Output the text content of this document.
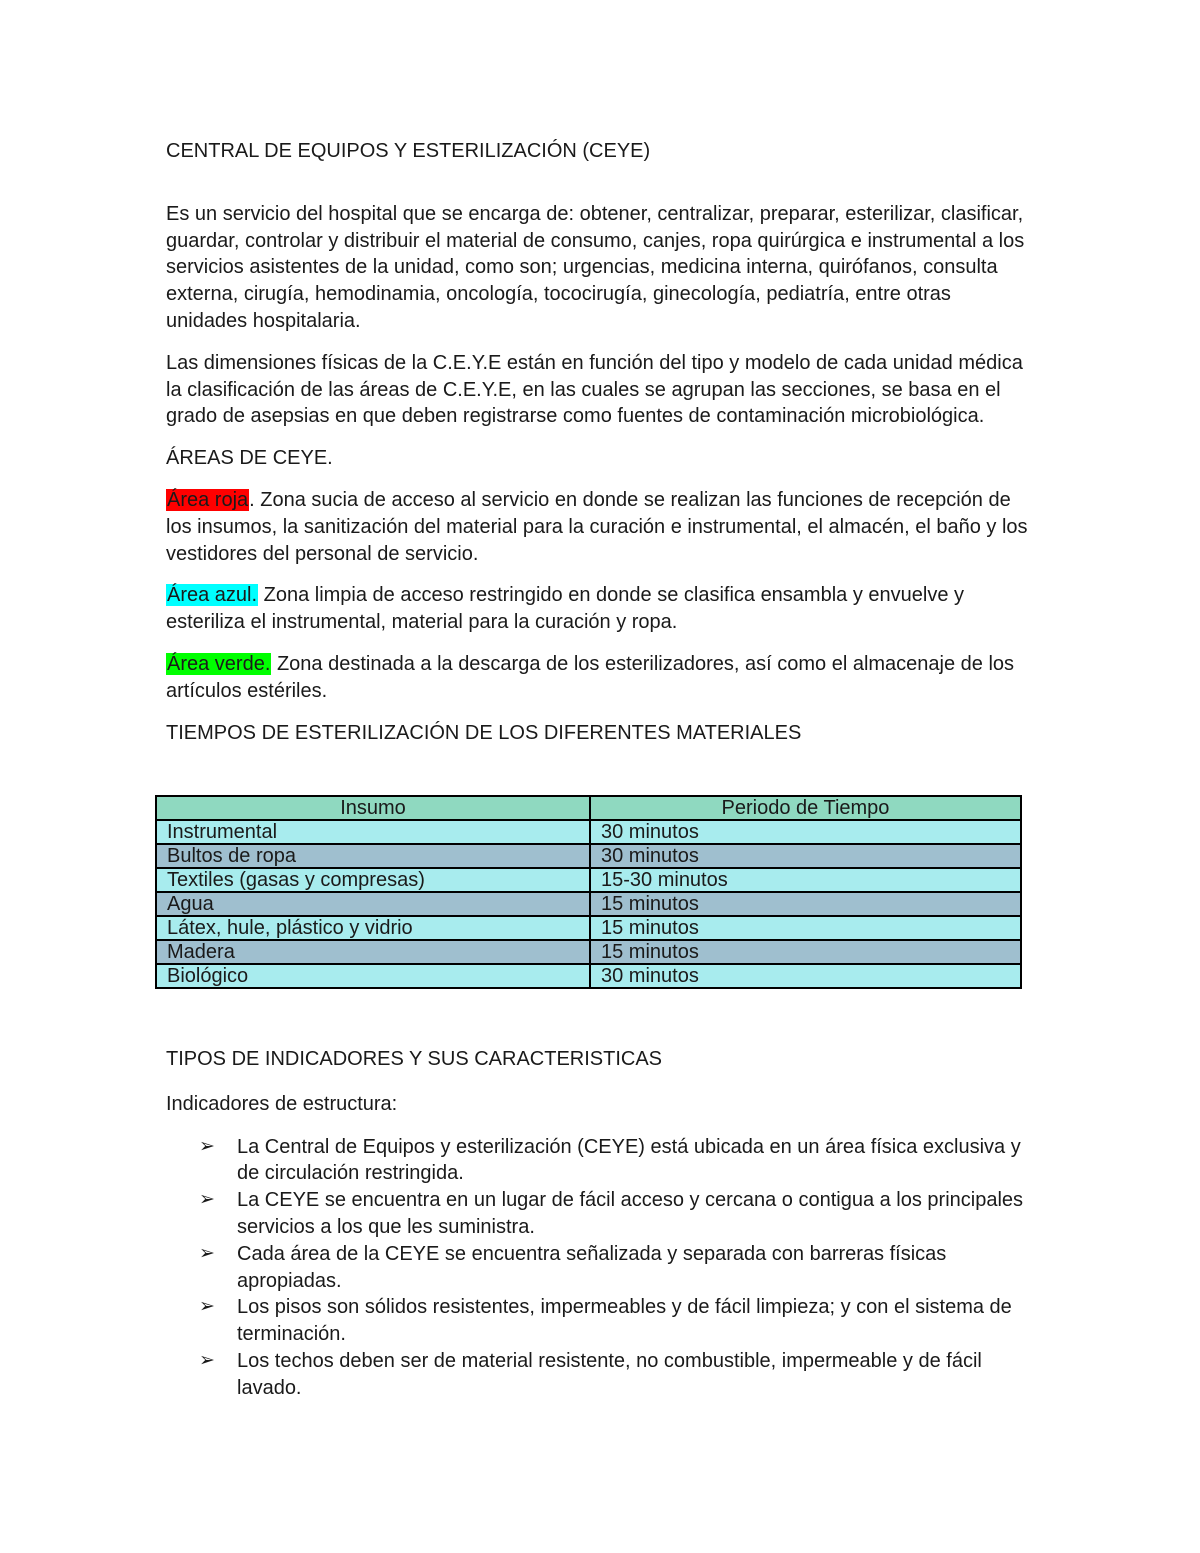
CENTRAL DE EQUIPOS Y ESTERILIZACIÓN (CEYE)

Es un servicio del hospital que se encarga de: obtener, centralizar, preparar, esterilizar, clasificar, guardar, controlar y distribuir el material de consumo, canjes, ropa quirúrgica e instrumental a los servicios asistentes de la unidad, como son; urgencias, medicina interna, quirófanos, consulta externa, cirugía, hemodinamia, oncología, tococirugía, ginecología, pediatría, entre otras unidades hospitalaria.

Las dimensiones físicas de la C.E.Y.E están en función del tipo y modelo de cada unidad médica la clasificación de las áreas de C.E.Y.E, en las cuales se agrupan las secciones, se basa en el grado de asepsias en que deben registrarse como fuentes de contaminación microbiológica.

ÁREAS DE CEYE.

Área roja. Zona sucia de acceso al servicio en donde se realizan las funciones de recepción de los insumos, la sanitización del material para la curación e instrumental, el almacén, el baño y los vestidores del personal de servicio.

Área azul. Zona limpia de acceso restringido en donde se clasifica ensambla y envuelve y esteriliza el instrumental, material para la curación y ropa.

Área verde. Zona destinada a la descarga de los esterilizadores, así como el almacenaje de los artículos estériles.

TIEMPOS DE ESTERILIZACIÓN DE LOS DIFERENTES MATERIALES

Insumo	Periodo de Tiempo
Instrumental	30 minutos
Bultos de ropa	30 minutos
Textiles (gasas y compresas)	15-30 minutos
Agua	15 minutos
Látex, hule, plástico y vidrio	15 minutos
Madera	15 minutos
Biológico	30 minutos

TIPOS DE INDICADORES Y SUS CARACTERISTICAS

Indicadores de estructura:

➢ La Central de Equipos y esterilización (CEYE) está ubicada en un área física exclusiva y de circulación restringida.
➢ La CEYE se encuentra en un lugar de fácil acceso y cercana o contigua a los principales servicios a los que les suministra.
➢ Cada área de la CEYE se encuentra señalizada y separada con barreras físicas apropiadas.
➢ Los pisos son sólidos resistentes, impermeables y de fácil limpieza; y con el sistema de terminación.
➢ Los techos deben ser de material resistente, no combustible, impermeable y de fácil lavado.
